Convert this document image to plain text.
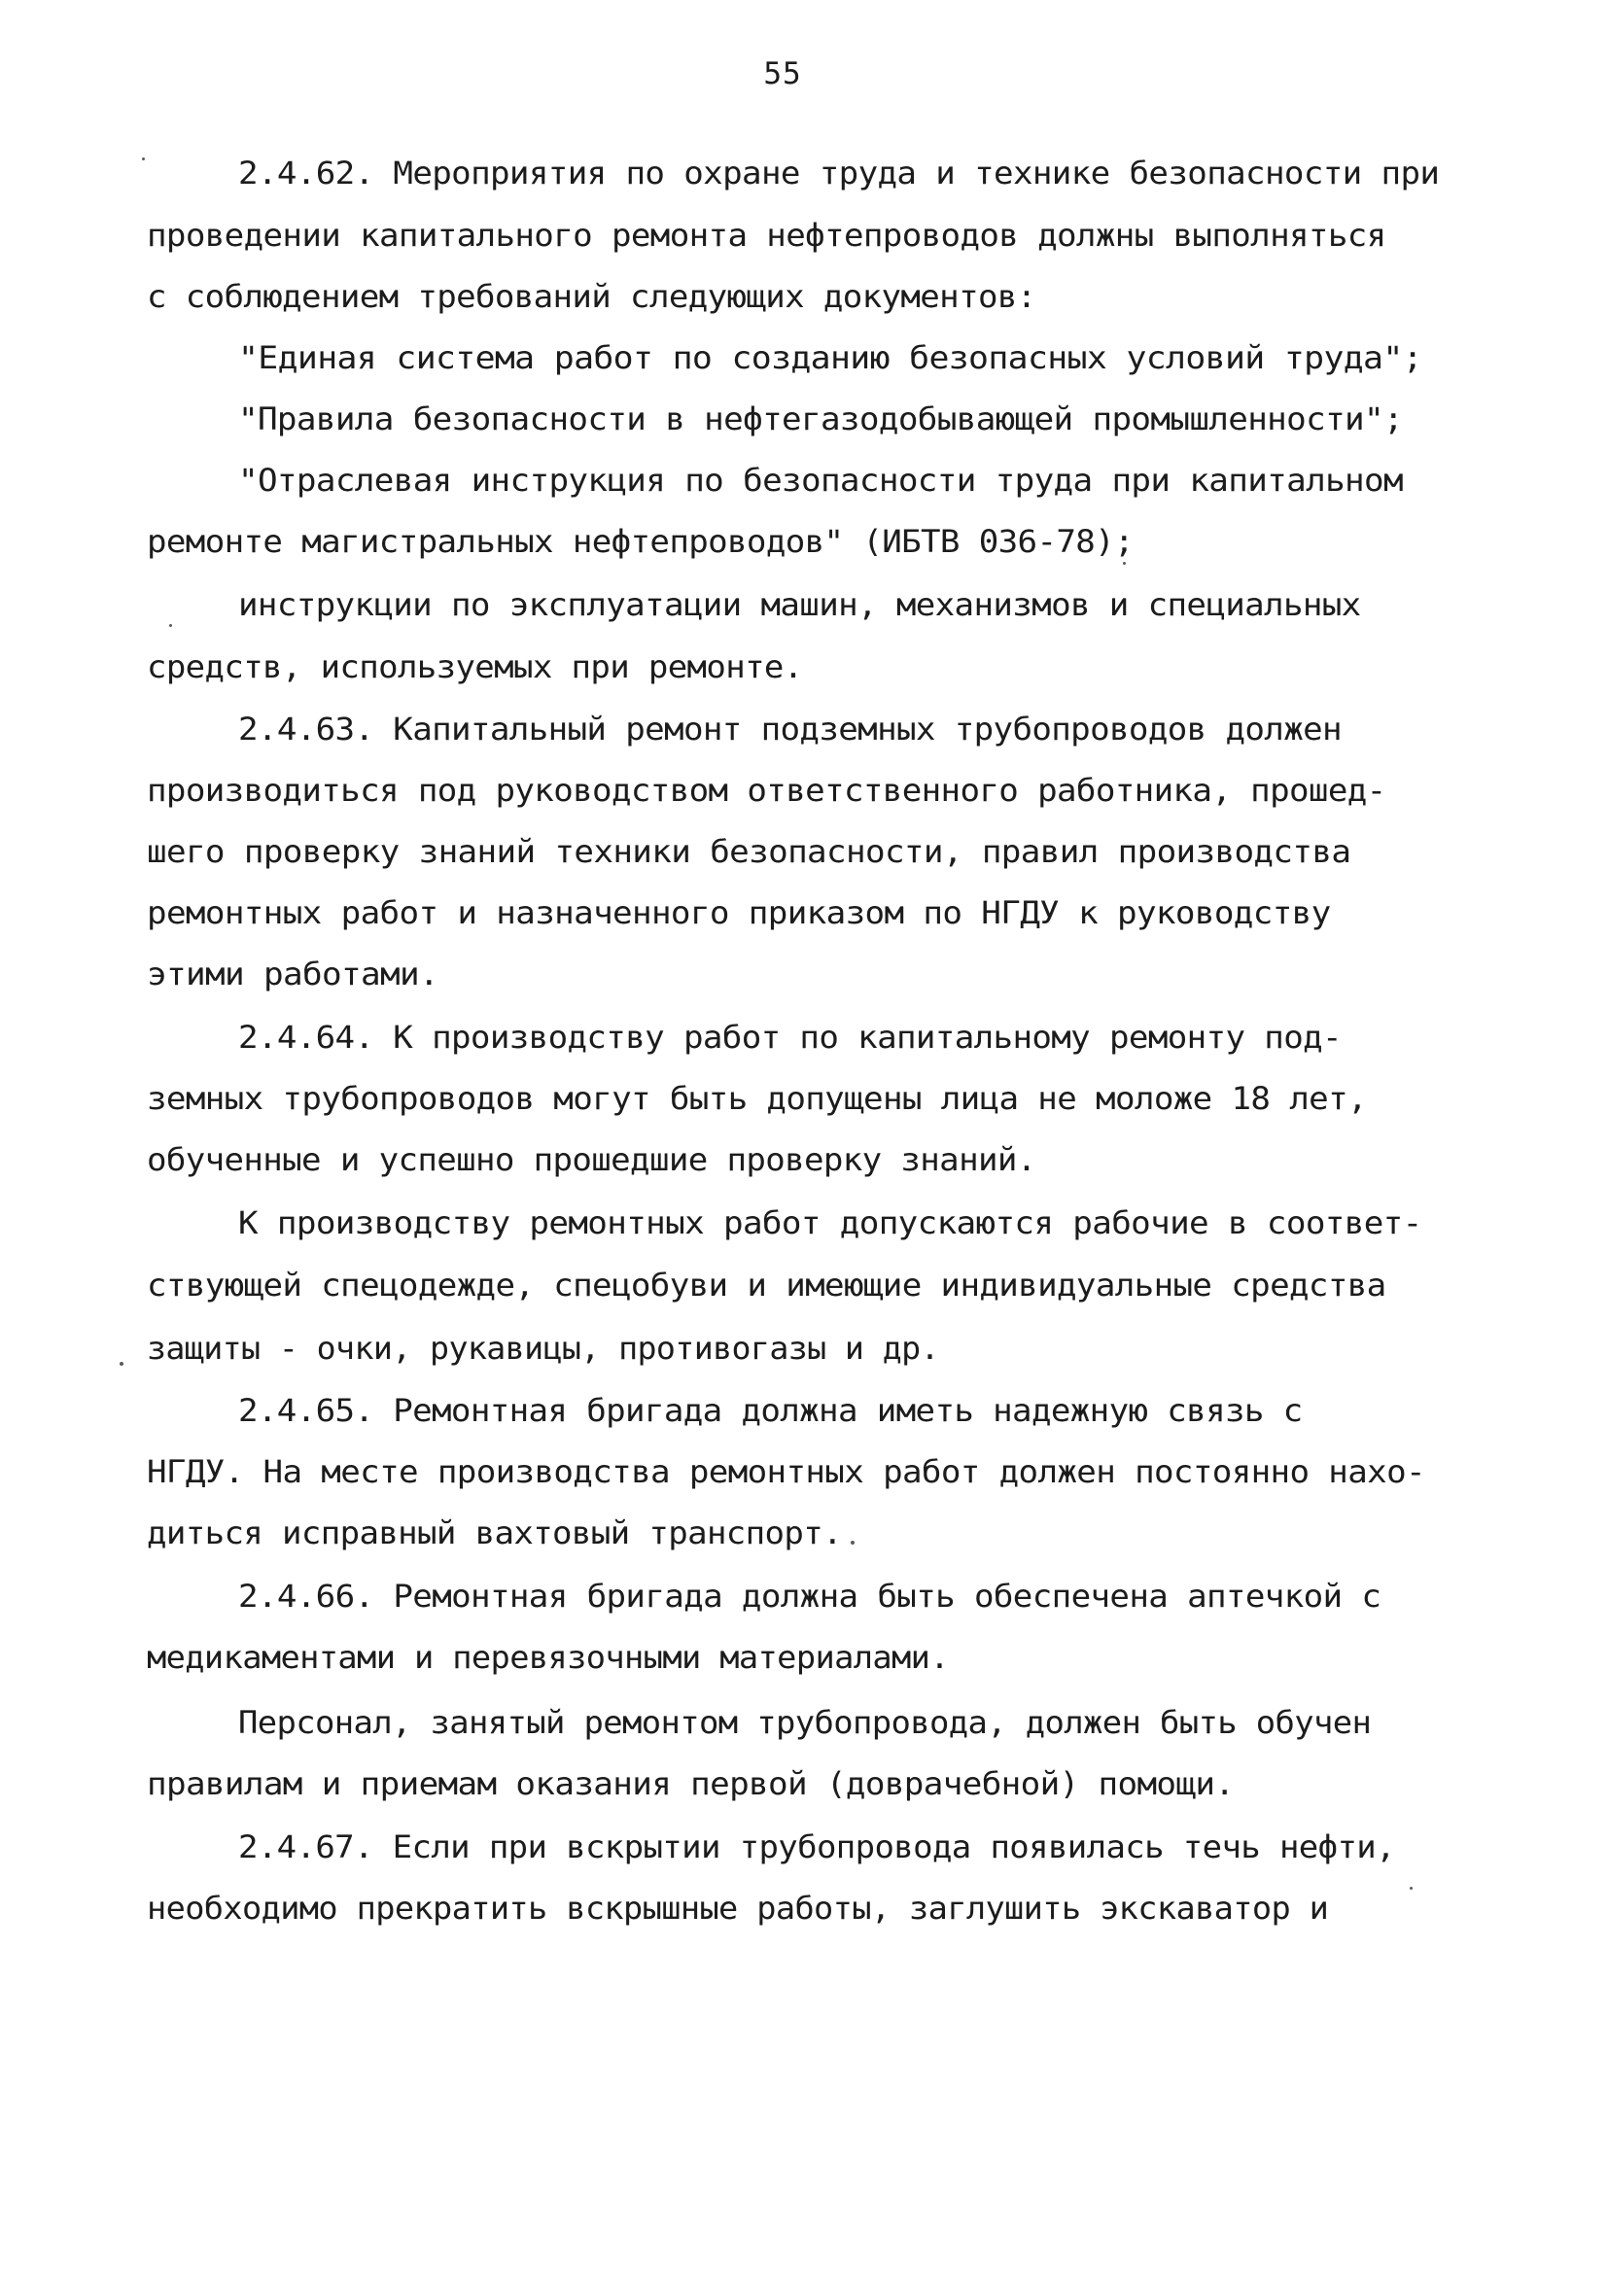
55
2.4.62. Мероприятия по охране труда и технике безопасности при
проведении капитального ремонта нефтепроводов должны выполняться
с соблюдением требований следующих документов:
"Единая система работ по созданию безопасных условий труда";
"Правила безопасности в нефтегазодобывающей промышленности";
"Отраслевая инструкция по безопасности труда при капитальном
ремонте магистральных нефтепроводов" (ИБТВ 036-78);
инструкции по эксплуатации машин, механизмов и специальных
средств, используемых при ремонте.
2.4.63. Капитальный ремонт подземных трубопроводов должен
производиться под руководством ответственного работника, прошед-
шего проверку знаний техники безопасности, правил производства
ремонтных работ и назначенного приказом по НГДУ к руководству
этими работами.
2.4.64. К производству работ по капитальному ремонту под-
земных трубопроводов могут быть допущены лица не моложе 18 лет,
обученные и успешно прошедшие проверку знаний.
К производству ремонтных работ допускаются рабочие в соответ-
ствующей спецодежде, спецобуви и имеющие индивидуальные средства
защиты - очки, рукавицы, противогазы и др.
2.4.65. Ремонтная бригада должна иметь надежную связь с
НГДУ. На месте производства ремонтных работ должен постоянно нахо-
диться исправный вахтовый транспорт.
2.4.66. Ремонтная бригада должна быть обеспечена аптечкой с
медикаментами и перевязочными материалами.
Персонал, занятый ремонтом трубопровода, должен быть обучен
правилам и приемам оказания первой (доврачебной) помощи.
2.4.67. Если при вскрытии трубопровода появилась течь нефти,
необходимо прекратить вскрышные работы, заглушить экскаватор и
